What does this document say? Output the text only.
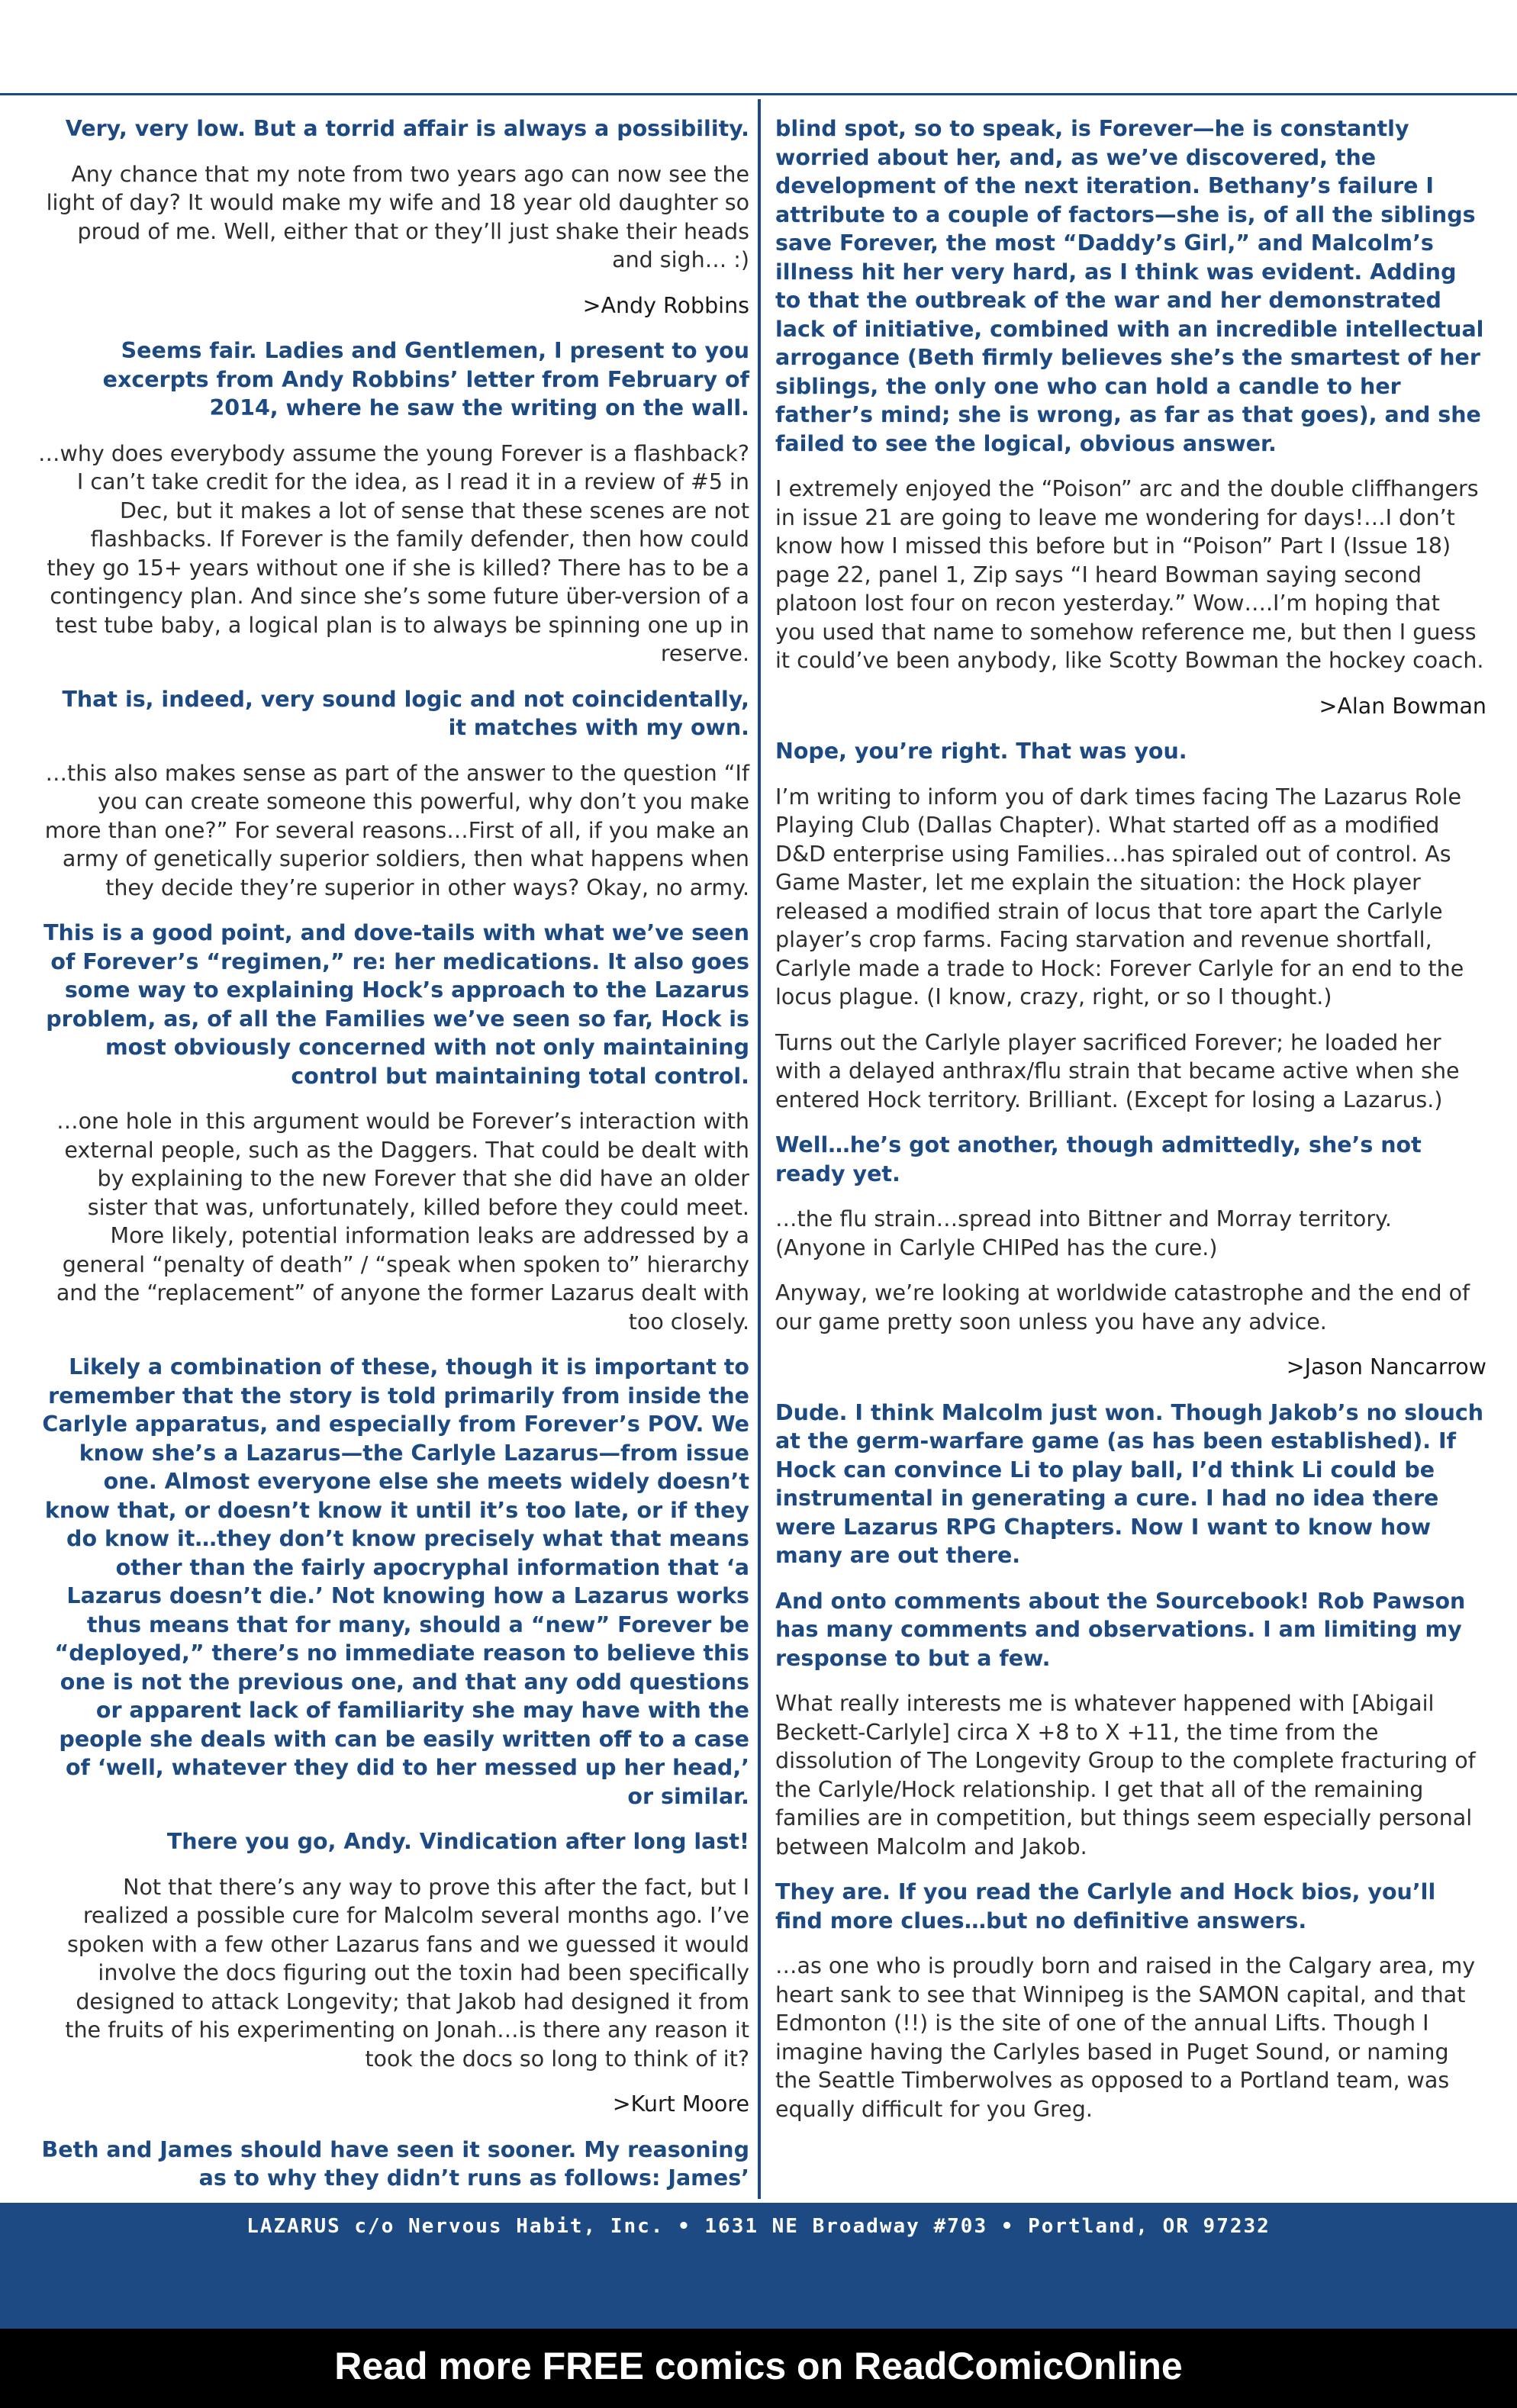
Very, very low. But a torrid affair is always a possibility.

Any chance that my note from two years ago can now see the light of day? It would make my wife and 18 year old daughter so proud of me. Well, either that or they’ll just shake their heads and sigh… :)

>Andy Robbins

Seems fair. Ladies and Gentlemen, I present to you excerpts from Andy Robbins’ letter from February of 2014, where he saw the writing on the wall.

…why does everybody assume the young Forever is a flashback? I can’t take credit for the idea, as I read it in a review of #5 in Dec, but it makes a lot of sense that these scenes are not flashbacks. If Forever is the family defender, then how could they go 15+ years without one if she is killed? There has to be a contingency plan. And since she’s some future über-version of a test tube baby, a logical plan is to always be spinning one up in reserve.

That is, indeed, very sound logic and not coincidentally, it matches with my own.

…this also makes sense as part of the answer to the question “If you can create someone this powerful, why don’t you make more than one?” For several reasons…First of all, if you make an army of genetically superior soldiers, then what happens when they decide they’re superior in other ways? Okay, no army.

This is a good point, and dove-tails with what we’ve seen of Forever’s “regimen,” re: her medications. It also goes some way to explaining Hock’s approach to the Lazarus problem, as, of all the Families we’ve seen so far, Hock is most obviously concerned with not only maintaining control but maintaining total control.

…one hole in this argument would be Forever’s interaction with external people, such as the Daggers. That could be dealt with by explaining to the new Forever that she did have an older sister that was, unfortunately, killed before they could meet. More likely, potential information leaks are addressed by a general “penalty of death” / “speak when spoken to” hierarchy and the “replacement” of anyone the former Lazarus dealt with too closely.

Likely a combination of these, though it is important to remember that the story is told primarily from inside the Carlyle apparatus, and especially from Forever’s POV. We know she’s a Lazarus—the Carlyle Lazarus—from issue one. Almost everyone else she meets widely doesn’t know that, or doesn’t know it until it’s too late, or if they do know it…they don’t know precisely what that means other than the fairly apocryphal information that ‘a Lazarus doesn’t die.’ Not knowing how a Lazarus works thus means that for many, should a “new” Forever be “deployed,” there’s no immediate reason to believe this one is not the previous one, and that any odd questions or apparent lack of familiarity she may have with the people she deals with can be easily written off to a case of ‘well, whatever they did to her messed up her head,’ or similar.

There you go, Andy. Vindication after long last!

Not that there’s any way to prove this after the fact, but I realized a possible cure for Malcolm several months ago. I’ve spoken with a few other Lazarus fans and we guessed it would involve the docs figuring out the toxin had been specifically designed to attack Longevity; that Jakob had designed it from the fruits of his experimenting on Jonah…is there any reason it took the docs so long to think of it?

>Kurt Moore

Beth and James should have seen it sooner. My reasoning as to why they didn’t runs as follows: James’

blind spot, so to speak, is Forever—he is constantly worried about her, and, as we’ve discovered, the development of the next iteration. Bethany’s failure I attribute to a couple of factors—she is, of all the siblings save Forever, the most “Daddy’s Girl,” and Malcolm’s illness hit her very hard, as I think was evident. Adding to that the outbreak of the war and her demonstrated lack of initiative, combined with an incredible intellectual arrogance (Beth firmly believes she’s the smartest of her siblings, the only one who can hold a candle to her father’s mind; she is wrong, as far as that goes), and she failed to see the logical, obvious answer.

I extremely enjoyed the “Poison” arc and the double cliffhangers in issue 21 are going to leave me wondering for days!…I don’t know how I missed this before but in “Poison” Part I (Issue 18) page 22, panel 1, Zip says “I heard Bowman saying second platoon lost four on recon yesterday.” Wow….I’m hoping that you used that name to somehow reference me, but then I guess it could’ve been anybody, like Scotty Bowman the hockey coach.

>Alan Bowman

Nope, you’re right. That was you.

I’m writing to inform you of dark times facing The Lazarus Role Playing Club (Dallas Chapter). What started off as a modified D&D enterprise using Families…has spiraled out of control. As Game Master, let me explain the situation: the Hock player released a modified strain of locus that tore apart the Carlyle player’s crop farms. Facing starvation and revenue shortfall, Carlyle made a trade to Hock: Forever Carlyle for an end to the locus plague. (I know, crazy, right, or so I thought.)

Turns out the Carlyle player sacrificed Forever; he loaded her with a delayed anthrax/flu strain that became active when she entered Hock territory. Brilliant. (Except for losing a Lazarus.)

Well…he’s got another, though admittedly, she’s not ready yet.

…the flu strain…spread into Bittner and Morray territory. (Anyone in Carlyle CHIPed has the cure.)

Anyway, we’re looking at worldwide catastrophe and the end of our game pretty soon unless you have any advice.

>Jason Nancarrow

Dude. I think Malcolm just won. Though Jakob’s no slouch at the germ-warfare game (as has been established). If Hock can convince Li to play ball, I’d think Li could be instrumental in generating a cure. I had no idea there were Lazarus RPG Chapters. Now I want to know how many are out there.

And onto comments about the Sourcebook! Rob Pawson has many comments and observations. I am limiting my response to but a few.

What really interests me is whatever happened with [Abigail Beckett-Carlyle] circa X +8 to X +11, the time from the dissolution of The Longevity Group to the complete fracturing of the Carlyle/Hock relationship. I get that all of the remaining families are in competition, but things seem especially personal between Malcolm and Jakob.

They are. If you read the Carlyle and Hock bios, you’ll find more clues…but no definitive answers.

…as one who is proudly born and raised in the Calgary area, my heart sank to see that Winnipeg is the SAMON capital, and that Edmonton (!!) is the site of one of the annual Lifts. Though I imagine having the Carlyles based in Puget Sound, or naming the Seattle Timberwolves as opposed to a Portland team, was equally difficult for you Greg.

LAZARUS c/o Nervous Habit, Inc. • 1631 NE Broadway #703 • Portland, OR 97232
Read more FREE comics on ReadComicOnline
